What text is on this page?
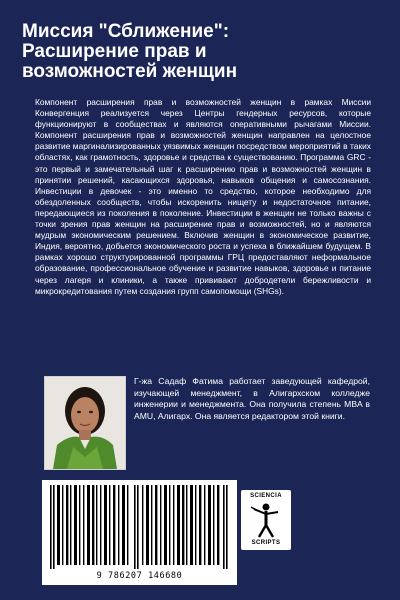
Миссия "Сближение":
Расширение прав и
возможностей женщин

Компонент расширения прав и возможностей женщин в рамках Миссии Конвергенция реализуется через Центры гендерных ресурсов, которые функционируют в сообществах и являются оперативными рычагами Миссии. Компонент расширения прав и возможностей женщин направлен на целостное развитие маргинализированных уязвимых женщин посредством мероприятий в таких областях, как грамотность, здоровье и средства к существованию. Программа GRC - это первый и замечательный шаг к расширению прав и возможностей женщин в принятии решений, касающихся здоровья, навыков общения и самосознания. Инвестиции в девочек - это именно то средство, которое необходимо для обездоленных сообществ, чтобы искоренить нищету и недостаточное питание, передающиеся из поколения в поколение. Инвестиции в женщин не только важны с точки зрения прав женщин на расширение прав и возможностей, но и являются мудрым экономическим решением. Включив женщин в экономическое развитие, Индия, вероятно, добьется экономического роста и успеха в ближайшем будущем. В рамках хорошо структурированной программы ГРЦ предоставляют неформальное образование, профессиональное обучение и развитие навыков, здоровье и питание через лагеря и клиники, а также прививают добродетели бережливости и микрокредитования путем создания групп самопомощи (SHGs).

Г-жа Садаф Фатима работает заведующей кафедрой, изучающей менеджмент, в Алигархском колледже инженерии и менеджмента. Она получила степень MBA в AMU, Алигарх. Она является редактором этой книги.

9 786207 146680
SCIENCIA
SCRIPTS
